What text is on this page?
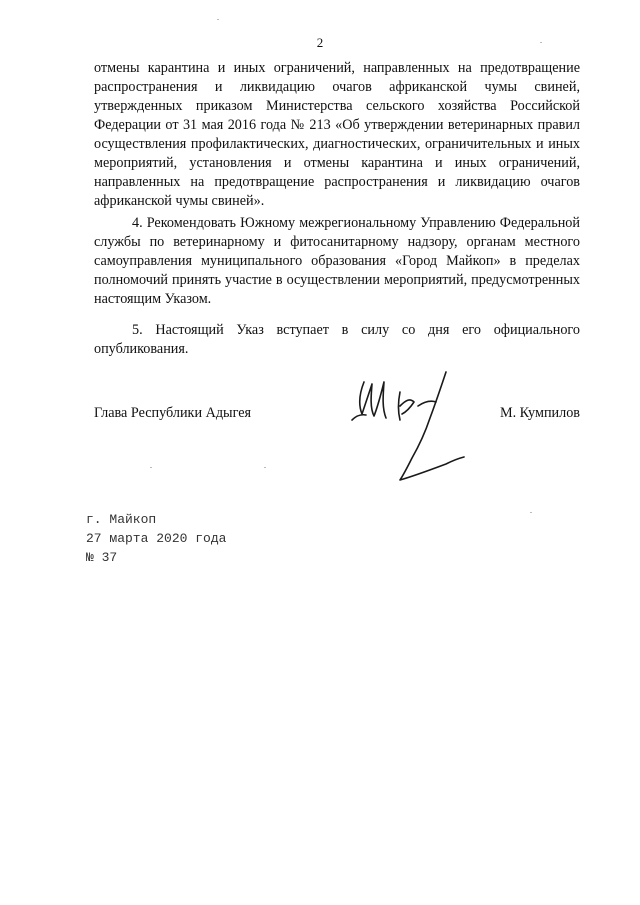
2

отмены карантина и иных ограничений, направленных на предотвращение распространения и ликвидацию очагов африканской чумы свиней, утвержденных приказом Министерства сельского хозяйства Российской Федерации от 31 мая 2016 года № 213 «Об утверждении ветеринарных правил осуществления профилактических, диагностических, ограничительных и иных мероприятий, установления и отмены карантина и иных ограничений, направленных на предотвращение распространения и ликвидацию очагов африканской чумы свиней».

4. Рекомендовать Южному межрегиональному Управлению Федеральной службы по ветеринарному и фитосанитарному надзору, органам местного самоуправления муниципального образования «Город Майкоп» в пределах полномочий принять участие в осуществлении мероприятий, предусмотренных настоящим Указом.

5. Настоящий Указ вступает в силу со дня его официального опубликования.

Глава Республики Адыгея	М. Кумпилов
г. Майкоп
27 марта 2020 года
№ 37
